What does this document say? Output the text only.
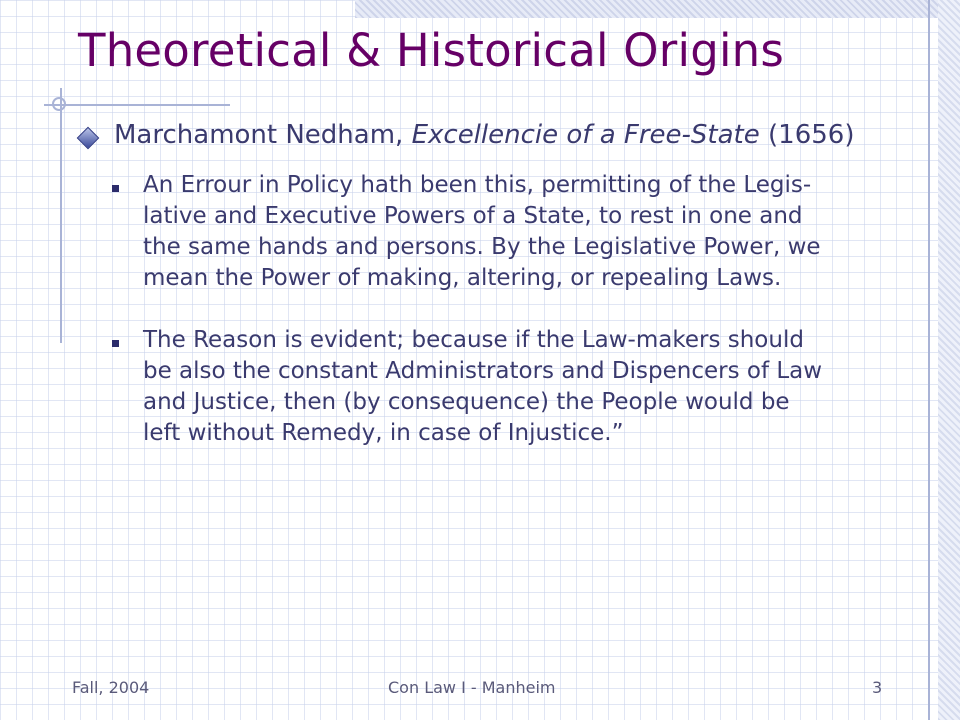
Theoretical & Historical Origins
Marchamont Nedham, Excellencie of a Free-State (1656)
An Errour in Policy hath been this, permitting of the Legis-
lative and Executive Powers of a State, to rest in one and
the same hands and persons. By the Legislative Power, we
mean the Power of making, altering, or repealing Laws.
The Reason is evident; because if the Law-makers should
be also the constant Administrators and Dispencers of Law
and Justice, then (by consequence) the People would be
left without Remedy, in case of Injustice.”
Fall, 2004	Con Law I - Manheim	3
